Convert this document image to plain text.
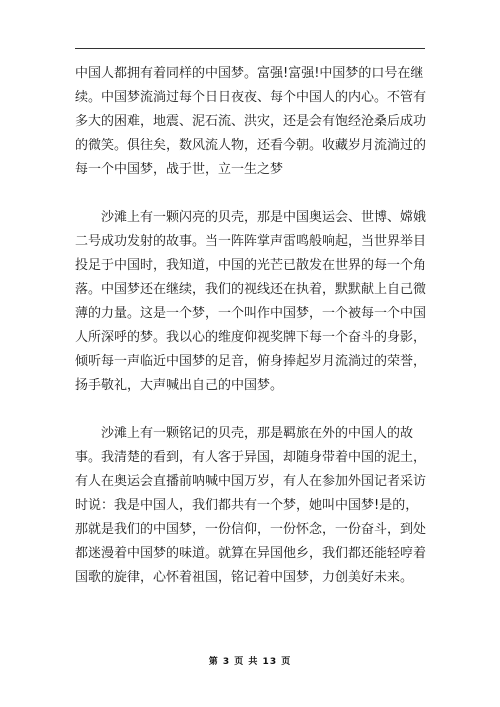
中国人都拥有着同样的中国梦。富强!富强!中国梦的口号在继续。中国梦流淌过每个日日夜夜、每个中国人的内心。不管有多大的困难，地震、泥石流、洪灾，还是会有饱经沧桑后成功的微笑。俱往矣，数风流人物，还看今朝。收藏岁月流淌过的每一个中国梦，战于世，立一生之梦

沙滩上有一颗闪亮的贝壳，那是中国奥运会、世博、嫦娥二号成功发射的故事。当一阵阵掌声雷鸣般响起，当世界举目投足于中国时，我知道，中国的光芒已散发在世界的每一个角落。中国梦还在继续，我们的视线还在执着，默默献上自己微薄的力量。这是一个梦，一个叫作中国梦，一个被每一个中国人所深呼的梦。我以心的维度仰视奖牌下每一个奋斗的身影，倾听每一声临近中国梦的足音，俯身捧起岁月流淌过的荣誉，扬手敬礼，大声喊出自己的中国梦。

沙滩上有一颗铭记的贝壳，那是羁旅在外的中国人的故事。我清楚的看到，有人客于异国，却随身带着中国的泥土，有人在奥运会直播前呐喊中国万岁，有人在参加外国记者采访时说：我是中国人，我们都共有一个梦，她叫中国梦!是的，那就是我们的中国梦，一份信仰，一份怀念，一份奋斗，到处都迷漫着中国梦的味道。就算在异国他乡，我们都还能轻哼着国歌的旋律，心怀着祖国，铭记着中国梦，力创美好未来。

第 3 页 共 13 页
